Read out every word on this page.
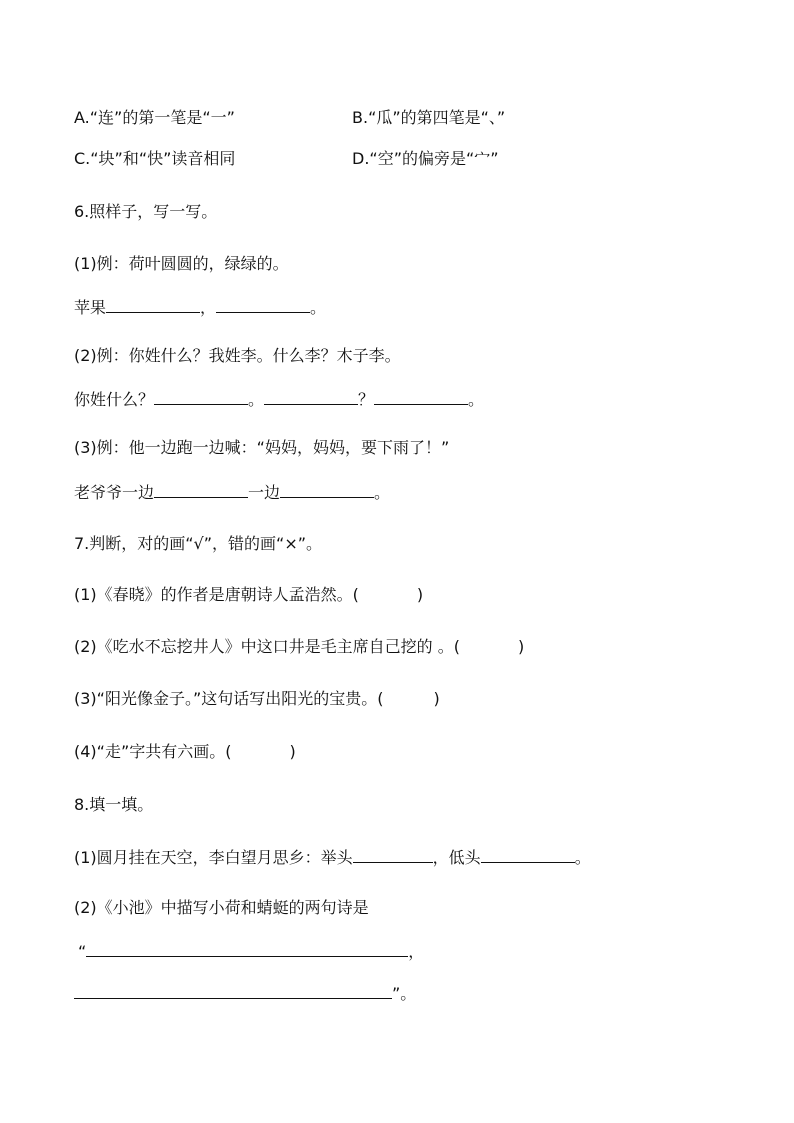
A.“连”的第一笔是“一”	B.“瓜”的第四笔是“、”
C.“块”和“快”读音相同	D.“空”的偏旁是“宀”
6.照样子，写一写。
(1)例：荷叶圆圆的，绿绿的。
苹果	，	。
(2)例：你姓什么？我姓李。什么李？木子李。
你姓什么？	。	？	。
(3)例：他一边跑一边喊：“妈妈，妈妈，要下雨了！”
老爷爷一边	一边	。
7.判断，对的画“√”，错的画“×”。
(1)《春晓》的作者是唐朝诗人孟浩然。(	)
(2)《吃水不忘挖井人》中这口井是毛主席自己挖的 。(	)
(3)“阳光像金子。”这句话写出阳光的宝贵。(	)
(4)“走”字共有六画。(	)
8.填一填。
(1)圆月挂在天空，李白望月思乡：举头	，低头	。
(2)《小池》中描写小荷和蜻蜓的两句诗是
“	，
”。
